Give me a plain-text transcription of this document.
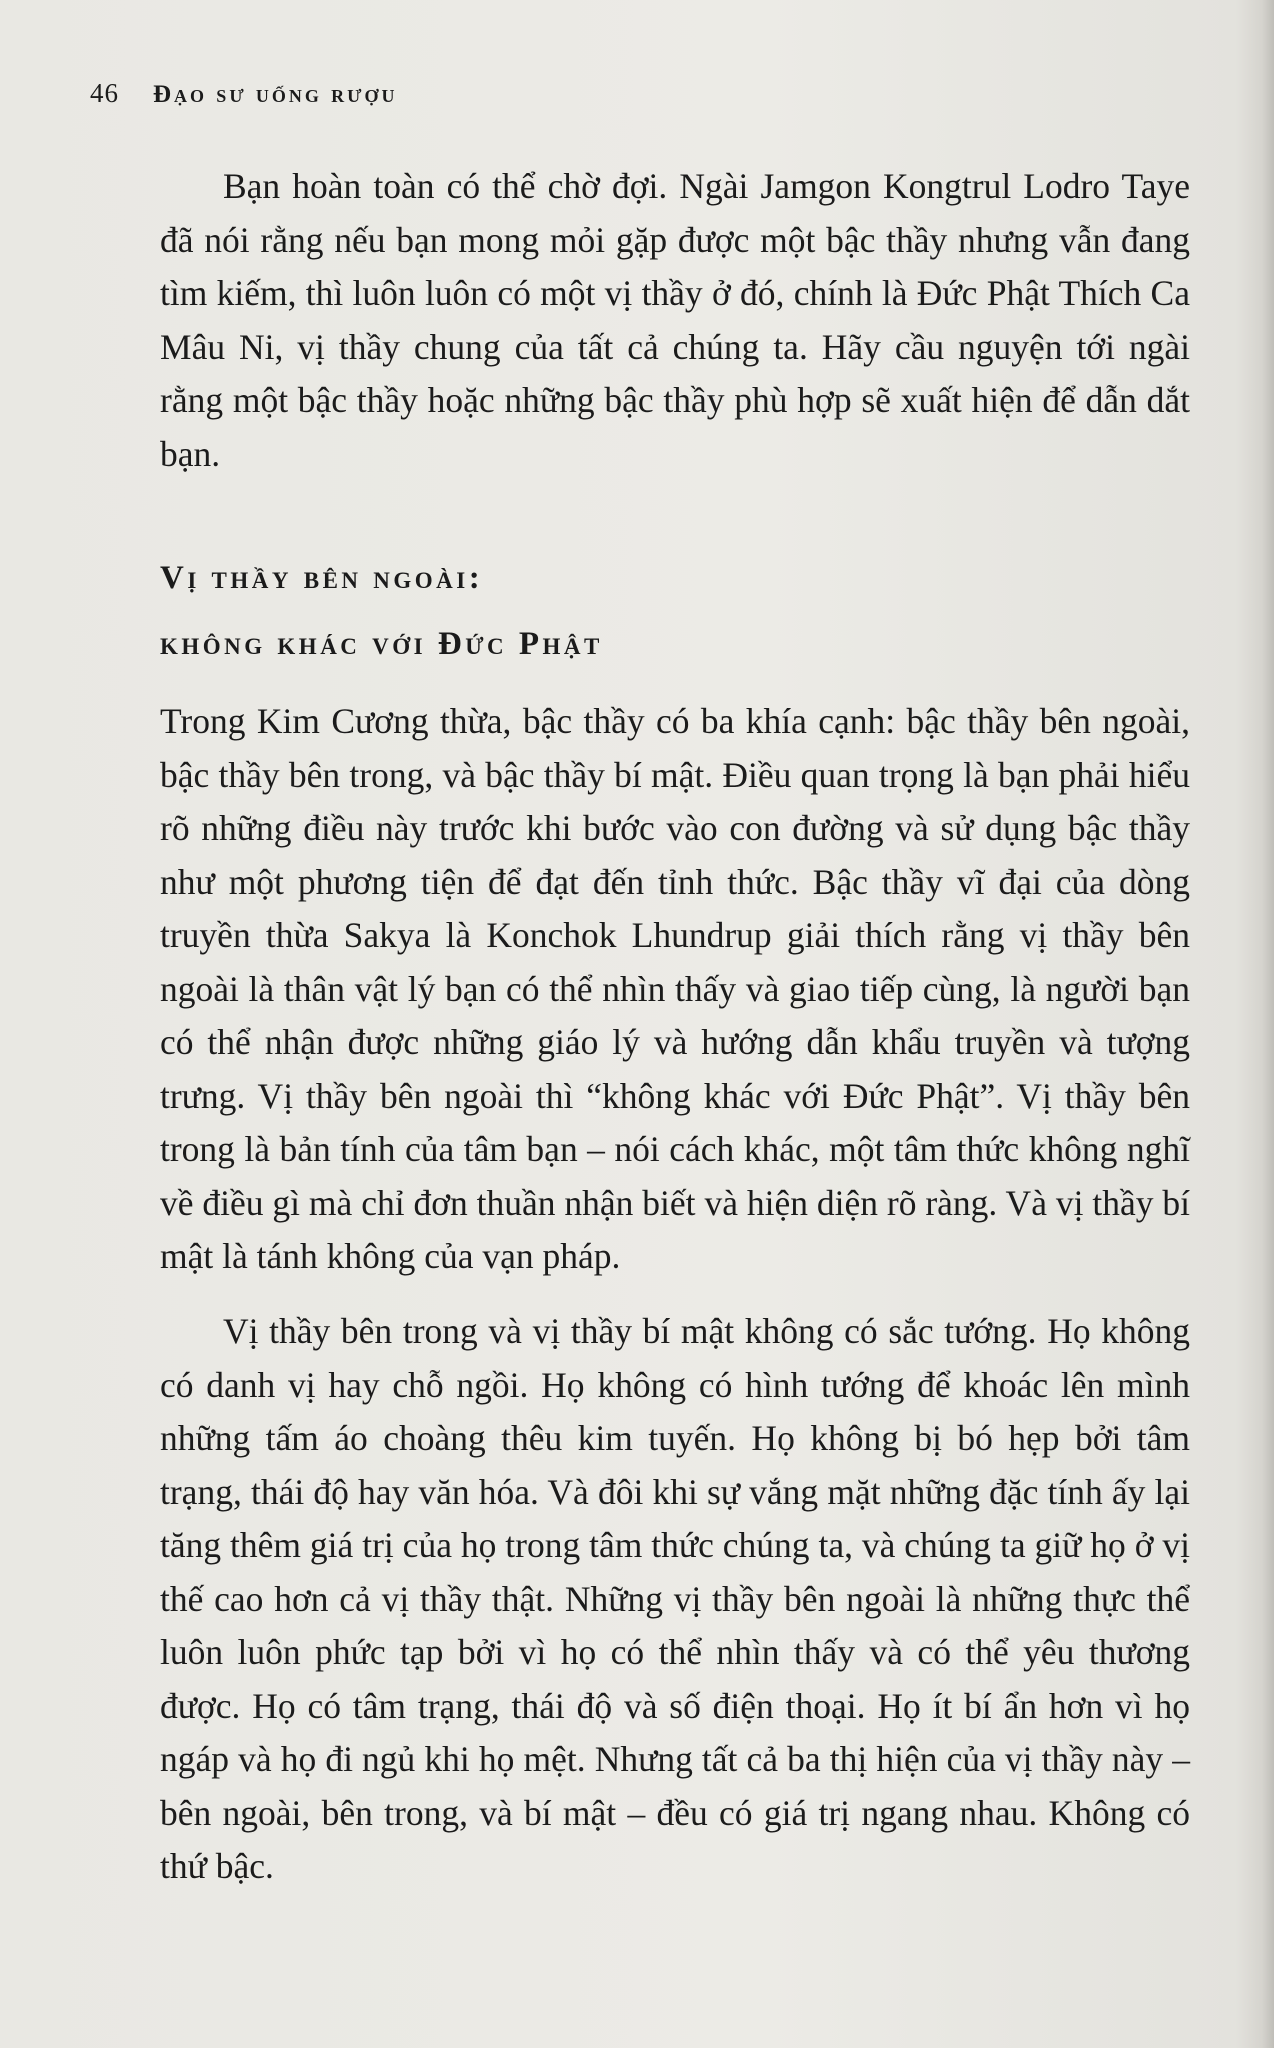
46 Đạo sư uống rượu

Bạn hoàn toàn có thể chờ đợi. Ngài Jamgon Kongtrul Lodro Taye đã nói rằng nếu bạn mong mỏi gặp được một bậc thầy nhưng vẫn đang tìm kiếm, thì luôn luôn có một vị thầy ở đó, chính là Đức Phật Thích Ca Mâu Ni, vị thầy chung của tất cả chúng ta. Hãy cầu nguyện tới ngài rằng một bậc thầy hoặc những bậc thầy phù hợp sẽ xuất hiện để dẫn dắt bạn.

Vị thầy bên ngoài:
không khác với Đức Phật

Trong Kim Cương thừa, bậc thầy có ba khía cạnh: bậc thầy bên ngoài, bậc thầy bên trong, và bậc thầy bí mật. Điều quan trọng là bạn phải hiểu rõ những điều này trước khi bước vào con đường và sử dụng bậc thầy như một phương tiện để đạt đến tỉnh thức. Bậc thầy vĩ đại của dòng truyền thừa Sakya là Konchok Lhundrup giải thích rằng vị thầy bên ngoài là thân vật lý bạn có thể nhìn thấy và giao tiếp cùng, là người bạn có thể nhận được những giáo lý và hướng dẫn khẩu truyền và tượng trưng. Vị thầy bên ngoài thì “không khác với Đức Phật”. Vị thầy bên trong là bản tính của tâm bạn – nói cách khác, một tâm thức không nghĩ về điều gì mà chỉ đơn thuần nhận biết và hiện diện rõ ràng. Và vị thầy bí mật là tánh không của vạn pháp.

Vị thầy bên trong và vị thầy bí mật không có sắc tướng. Họ không có danh vị hay chỗ ngồi. Họ không có hình tướng để khoác lên mình những tấm áo choàng thêu kim tuyến. Họ không bị bó hẹp bởi tâm trạng, thái độ hay văn hóa. Và đôi khi sự vắng mặt những đặc tính ấy lại tăng thêm giá trị của họ trong tâm thức chúng ta, và chúng ta giữ họ ở vị thế cao hơn cả vị thầy thật. Những vị thầy bên ngoài là những thực thể luôn luôn phức tạp bởi vì họ có thể nhìn thấy và có thể yêu thương được. Họ có tâm trạng, thái độ và số điện thoại. Họ ít bí ẩn hơn vì họ ngáp và họ đi ngủ khi họ mệt. Nhưng tất cả ba thị hiện của vị thầy này – bên ngoài, bên trong, và bí mật – đều có giá trị ngang nhau. Không có thứ bậc.
